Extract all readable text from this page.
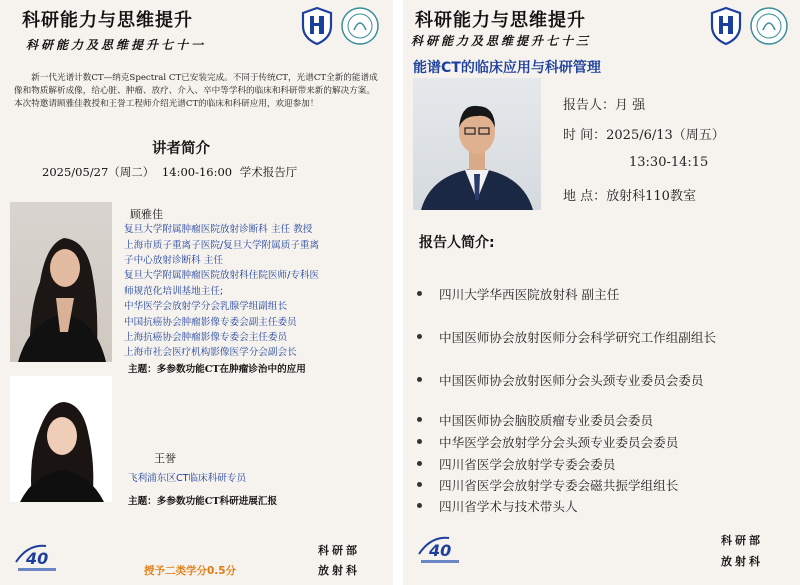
科研能力与思维提升
科研能力及思维提升七十一

新一代光谱计数CT—纳克Spectral CT已安装完成。不同于传统CT，光谱CT全新的能谱成像和物质解析成像，给心脏、肿瘤、放疗、介入、卒中等学科的临床和科研带来新的解决方案。本次特邀请顾雅佳教授和王誉工程师介绍光谱CT的临床和科研应用，欢迎参加！

讲者简介
2025/05/27（周二） 14:00-16:00 学术报告厅
顾雅佳
复旦大学附属肿瘤医院放射诊断科 主任 教授
上海市质子重离子医院/复旦大学附属质子重离
子中心放射诊断科 主任
复旦大学附属肿瘤医院放射科住院医师/专科医
师规范化培训基地主任;
中华医学会放射学分会乳腺学组副组长
中国抗癌协会肿瘤影像专委会副主任委员
上海抗癌协会肿瘤影像专委会主任委员
上海市社会医疗机构影像医学分会副会长
主题：多参数功能CT在肿瘤诊治中的应用
王誉
飞利浦东区CT临床科研专员
主题：多参数功能CT科研进展汇报
40
授予二类学分0.5分
科研部
放射科
科研能力与思维提升
科研能力及思维提升七十三
能谱CT的临床应用与科研管理
报告人：月 强
时 间：2025/6/13（周五）
13:30-14:15
地 点：放射科110教室
报告人简介:
四川大学华西医院放射科 副主任
中国医师协会放射医师分会科学研究工作组副组长
中国医师协会放射医师分会头颈专业委员会委员
中国医师协会脑胶质瘤专业委员会委员
中华医学会放射学分会头颈专业委员会委员
四川省医学会放射学专委会委员
四川省医学会放射学专委会磁共振学组组长
四川省学术与技术带头人
40
科研部
放射科
